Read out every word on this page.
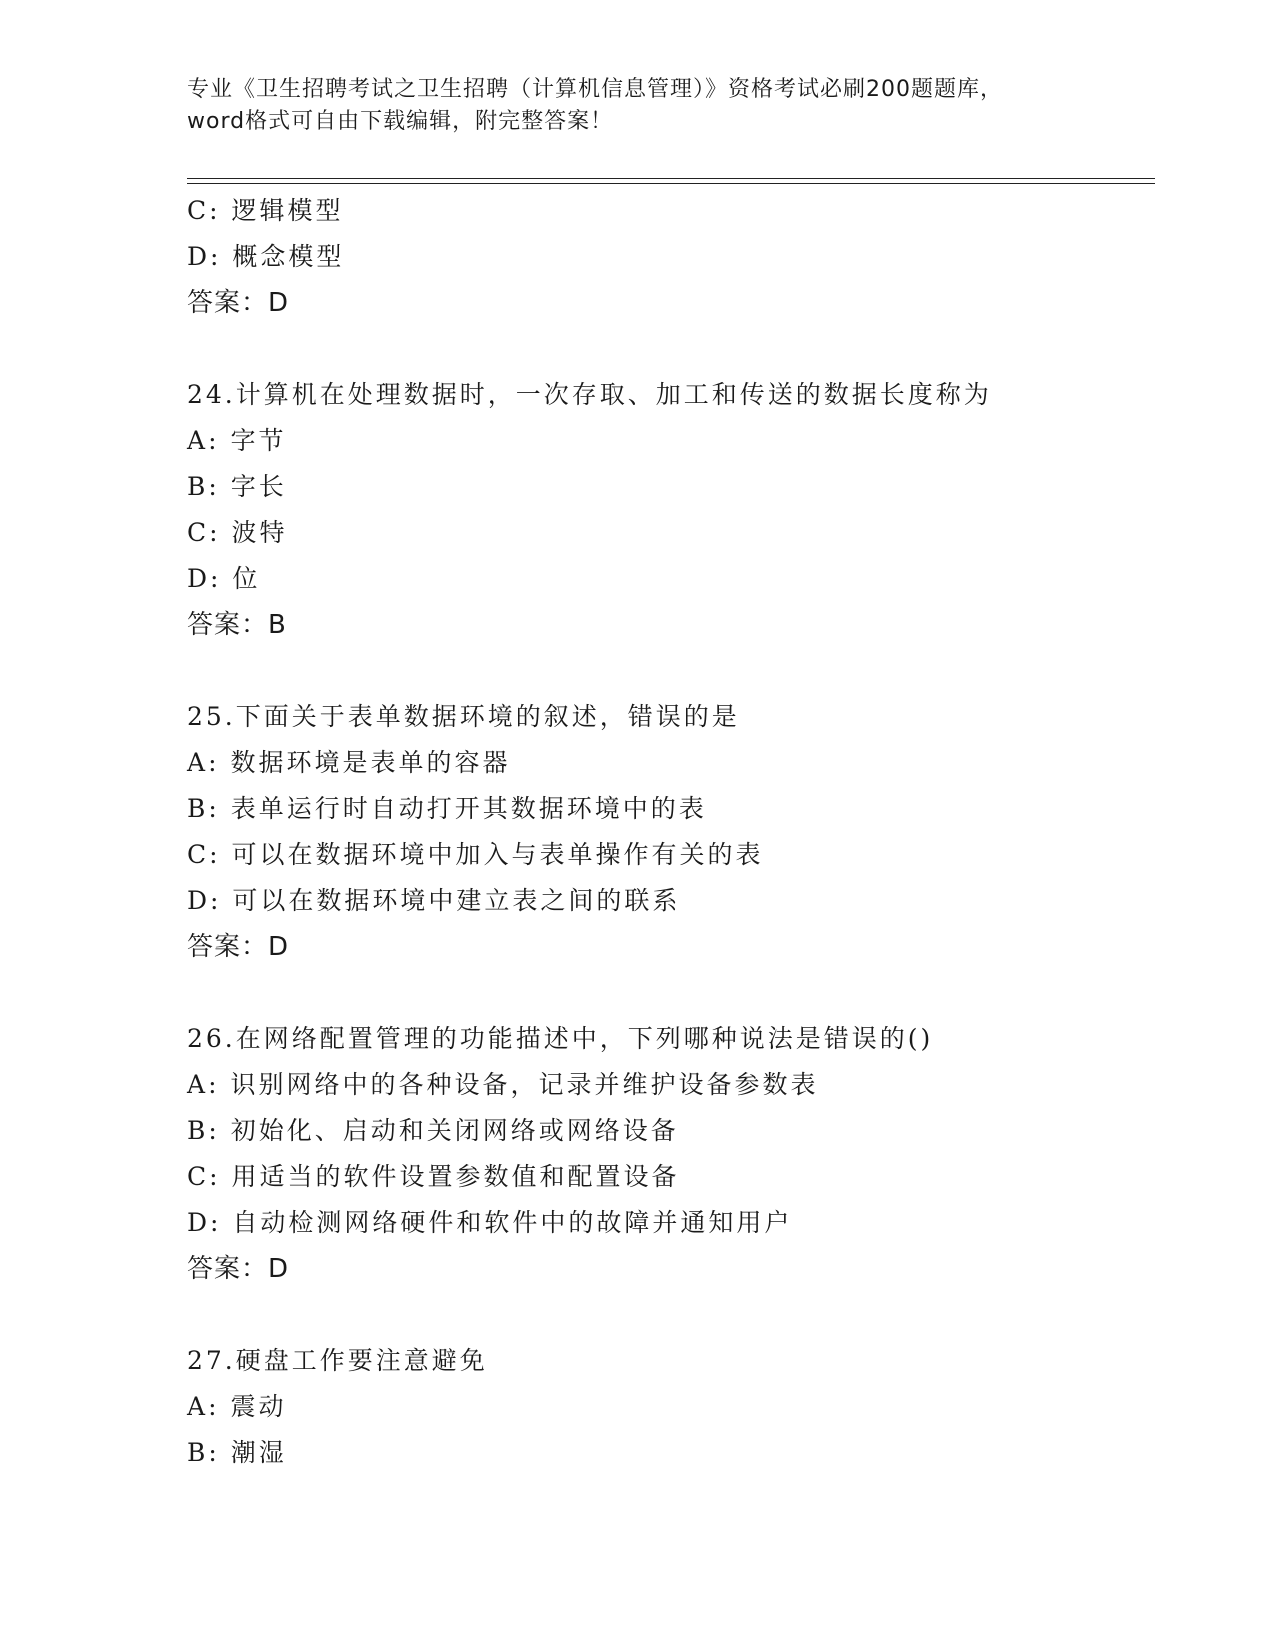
专业《卫生招聘考试之卫生招聘（计算机信息管理）》资格考试必刷200题题库，
word格式可自由下载编辑，附完整答案！
C: 逻辑模型
D: 概念模型
答案：D
24.计算机在处理数据时，一次存取、加工和传送的数据长度称为
A: 字节
B: 字长
C: 波特
D: 位
答案：B
25.下面关于表单数据环境的叙述，错误的是
A: 数据环境是表单的容器
B: 表单运行时自动打开其数据环境中的表
C: 可以在数据环境中加入与表单操作有关的表
D: 可以在数据环境中建立表之间的联系
答案：D
26.在网络配置管理的功能描述中，下列哪种说法是错误的()
A: 识别网络中的各种设备，记录并维护设备参数表
B: 初始化、启动和关闭网络或网络设备
C: 用适当的软件设置参数值和配置设备
D: 自动检测网络硬件和软件中的故障并通知用户
答案：D
27.硬盘工作要注意避免
A: 震动
B: 潮湿
